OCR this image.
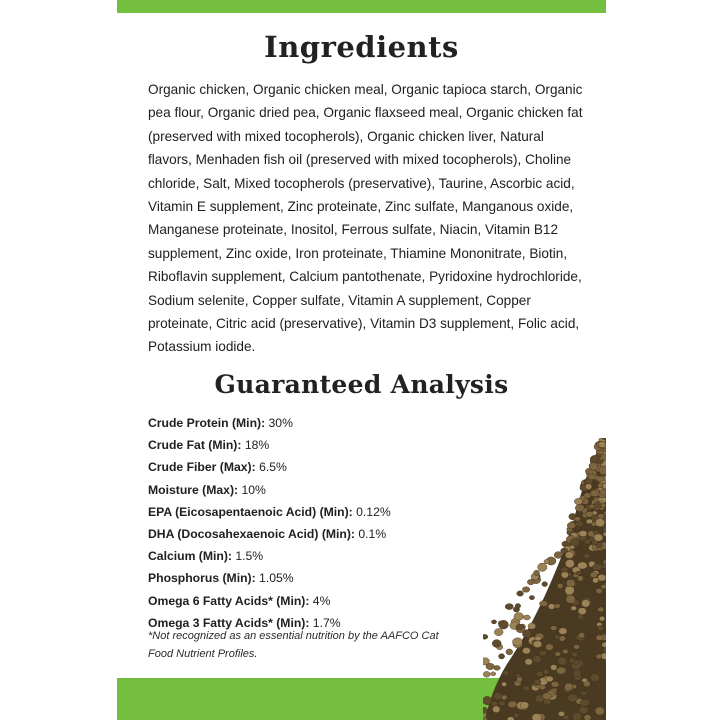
Ingredients

Organic chicken, Organic chicken meal, Organic tapioca starch, Organic pea flour, Organic dried pea, Organic flaxseed meal, Organic chicken fat (preserved with mixed tocopherols), Organic chicken liver, Natural flavors, Menhaden fish oil (preserved with mixed tocopherols), Choline chloride, Salt, Mixed tocopherols (preservative), Taurine, Ascorbic acid, Vitamin E supplement, Zinc proteinate, Zinc sulfate, Manganous oxide, Manganese proteinate, Inositol, Ferrous sulfate, Niacin, Vitamin B12 supplement, Zinc oxide, Iron proteinate, Thiamine Mononitrate, Biotin, Riboflavin supplement, Calcium pantothenate, Pyridoxine hydrochloride, Sodium selenite, Copper sulfate, Vitamin A supplement, Copper proteinate, Citric acid (preservative), Vitamin D3 supplement, Folic acid, Potassium iodide.

Guaranteed Analysis
Crude Protein (Min): 30%
Crude Fat (Min): 18%
Crude Fiber (Max): 6.5%
Moisture (Max): 10%
EPA (Eicosapentaenoic Acid) (Min): 0.12%
DHA (Docosahexaenoic Acid) (Min): 0.1%
Calcium (Min): 1.5%
Phosphorus (Min): 1.05%
Omega 6 Fatty Acids* (Min): 4%
Omega 3 Fatty Acids* (Min): 1.7%

*Not recognized as an essential nutrition by the AAFCO Cat Food Nutrient Profiles.
